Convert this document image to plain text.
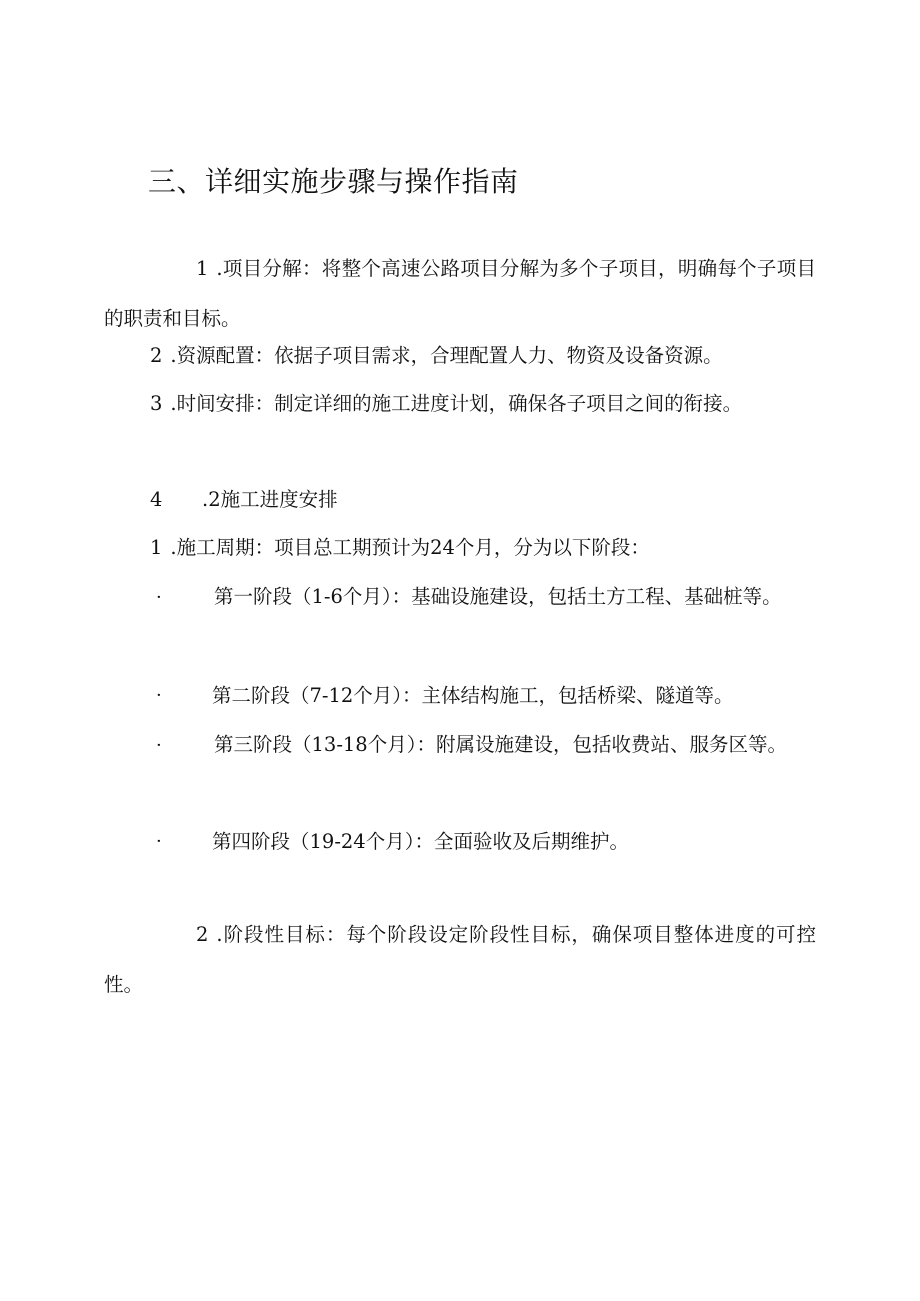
三、详细实施步骤与操作指南
1 .项目分解：将整个高速公路项目分解为多个子项目，明确每个子项目的职责和目标。
2 .资源配置：依据子项目需求，合理配置人力、物资及设备资源。
3 .时间安排：制定详细的施工进度计划，确保各子项目之间的衔接。
4 .2施工进度安排
1 .施工周期：项目总工期预计为24个月，分为以下阶段：
·	第一阶段（1-6个月）：基础设施建设，包括土方工程、基础桩等。
·	第二阶段（7-12个月）：主体结构施工，包括桥梁、隧道等。
·	第三阶段（13-18个月）：附属设施建设，包括收费站、服务区等。
·	第四阶段（19-24个月）：全面验收及后期维护。
2 .阶段性目标：每个阶段设定阶段性目标，确保项目整体进度的可控性。
